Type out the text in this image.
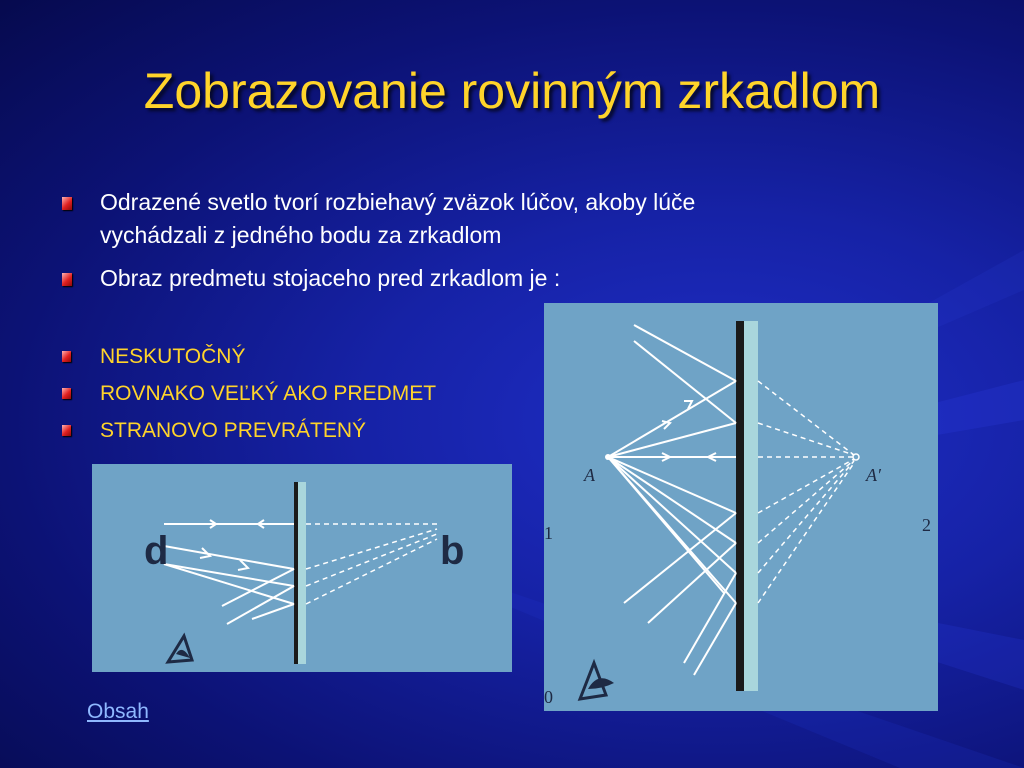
Zobrazovanie rovinným zrkadlom
Odrazené svetlo tvorí rozbiehavý zväzok lúčov, akoby lúče
vychádzali z jedného bodu za zrkadlom
Obraz predmetu stojaceho pred zrkadlom je :
NESKUTOČNÝ
ROVNAKO VEĽKÝ AKO PREDMET
STRANOVO PREVRÁTENÝ
d	b
A	A′
1	2
0
Obsah
